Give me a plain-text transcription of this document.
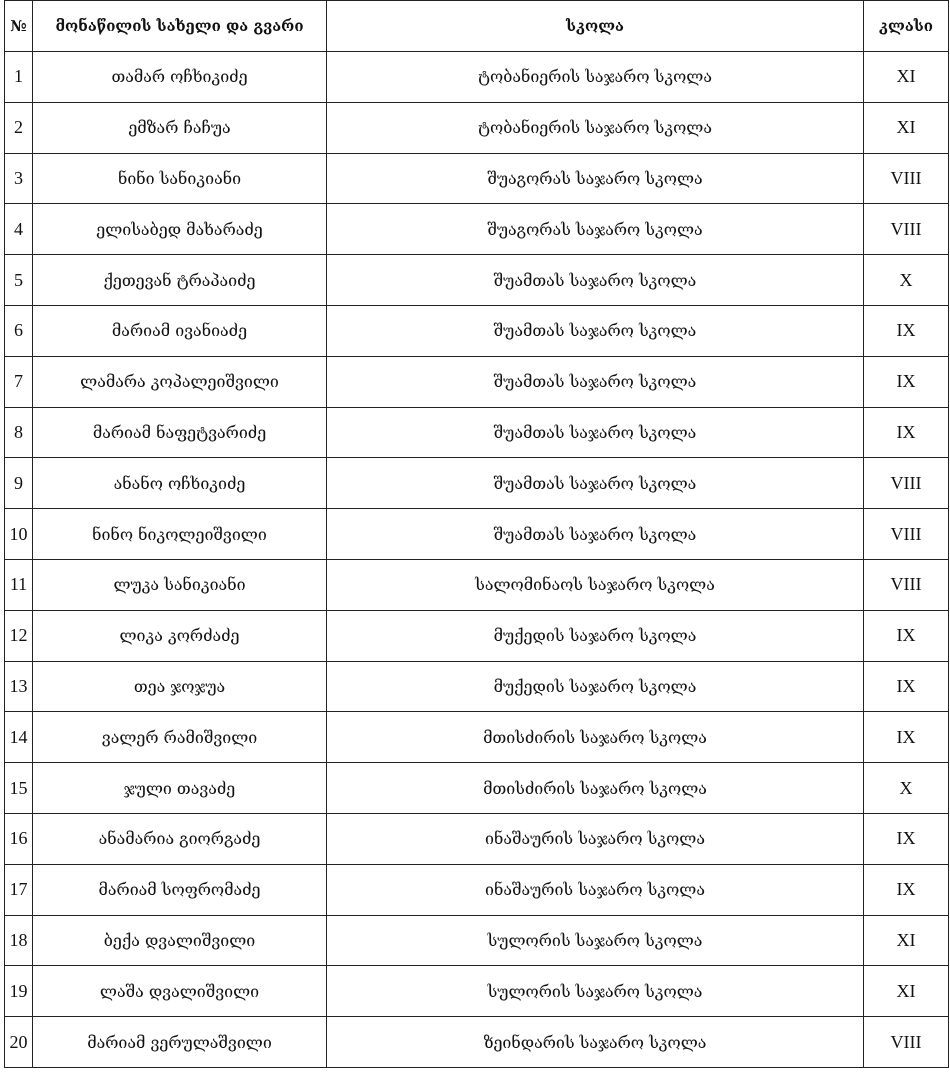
№	მონაწილის სახელი და გვარი	სკოლა	კლასი
1	თამარ ოჩხიკიძე	ტობანიერის საჯარო სკოლა	XI
2	ემზარ ჩაჩუა	ტობანიერის საჯარო სკოლა	XI
3	ნინი სანიკიანი	შუაგორას საჯარო სკოლა	VIII
4	ელისაბედ მახარაძე	შუაგორას საჯარო სკოლა	VIII
5	ქეთევან ტრაპაიძე	შუამთას საჯარო სკოლა	X
6	მარიამ ივანიაძე	შუამთას საჯარო სკოლა	IX
7	ლამარა კოპალეიშვილი	შუამთას საჯარო სკოლა	IX
8	მარიამ ნაფეტვარიძე	შუამთას საჯარო სკოლა	IX
9	ანანო ოჩხიკიძე	შუამთას საჯარო სკოლა	VIII
10	ნინო ნიკოლეიშვილი	შუამთას საჯარო სკოლა	VIII
11	ლუკა სანიკიანი	სალომინაოს საჯარო სკოლა	VIII
12	ლიკა კორძაძე	მუქედის საჯარო სკოლა	IX
13	თეა ჯოჯუა	მუქედის საჯარო სკოლა	IX
14	ვალერ რამიშვილი	მთისძირის საჯარო სკოლა	IX
15	ჯული თავაძე	მთისძირის საჯარო სკოლა	X
16	ანამარია გიორგაძე	ინაშაურის საჯარო სკოლა	IX
17	მარიამ სოფრომაძე	ინაშაურის საჯარო სკოლა	IX
18	ბექა დვალიშვილი	სულორის საჯარო სკოლა	XI
19	ლაშა დვალიშვილი	სულორის საჯარო სკოლა	XI
20	მარიამ ვერულაშვილი	ზეინდარის საჯარო სკოლა	VIII
